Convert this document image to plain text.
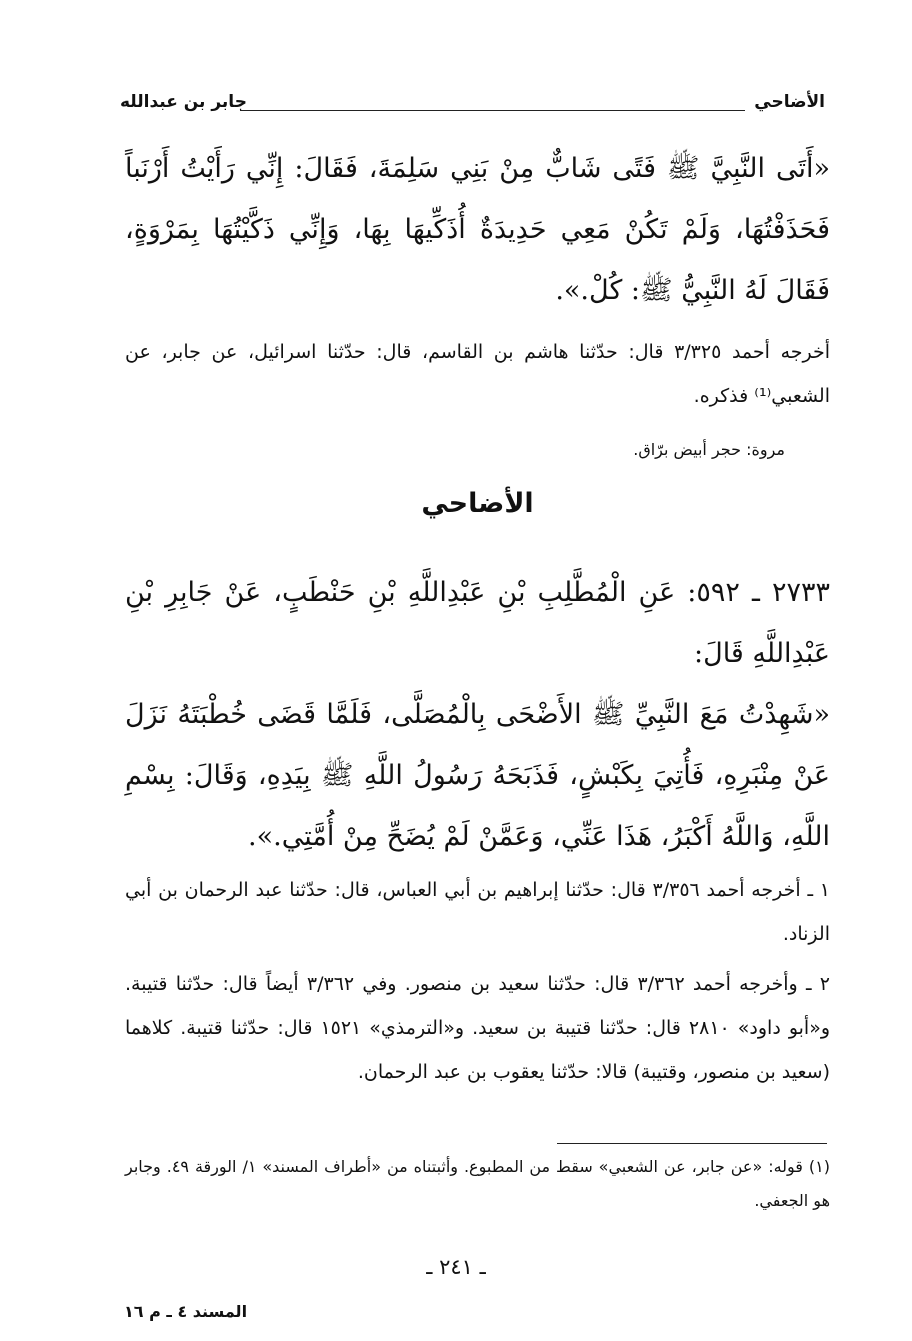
الأضاحي
جابر بن عبدالله
«أَتَى النَّبِيَّ ﷺ فَتًى شَابٌّ مِنْ بَنِي سَلِمَةَ، فَقَالَ: إِنِّي رَأَيْتُ أَرْنَباً فَحَذَفْتُهَا، وَلَمْ تَكُنْ مَعِي حَدِيدَةٌ أُذَكِّيهَا بِهَا، وَإِنِّي ذَكَّيْتُهَا بِمَرْوَةٍ، فَقَالَ لَهُ النَّبِيُّ ﷺ: كُلْ.».
أخرجه أحمد ٣/٣٢٥ قال: حدّثنا هاشم بن القاسم، قال: حدّثنا اسرائيل، عن جابر، عن الشعبي⁽¹⁾ فذكره.
مروة: حجر أبيض برّاق.
الأضاحي
٢٧٣٣ ـ ٥٩٢: عَنِ الْمُطَّلِبِ بْنِ عَبْدِاللَّهِ بْنِ حَنْطَبٍ، عَنْ جَابِرِ بْنِ عَبْدِاللَّهِ قَالَ:
«شَهِدْتُ مَعَ النَّبِيِّ ﷺ الأَضْحَى بِالْمُصَلَّى، فَلَمَّا قَضَى خُطْبَتَهُ نَزَلَ عَنْ مِنْبَرِهِ، فَأُتِيَ بِكَبْشٍ، فَذَبَحَهُ رَسُولُ اللَّهِ ﷺ بِيَدِهِ، وَقَالَ: بِسْمِ اللَّهِ، وَاللَّهُ أَكْبَرُ، هَذَا عَنِّي، وَعَمَّنْ لَمْ يُضَحِّ مِنْ أُمَّتِي.».
١ ـ أخرجه أحمد ٣/٣٥٦ قال: حدّثنا إبراهيم بن أبي العباس، قال: حدّثنا عبد الرحمان بن أبي الزناد.
٢ ـ وأخرجه أحمد ٣/٣٦٢ قال: حدّثنا سعيد بن منصور. وفي ٣/٣٦٢ أيضاً قال: حدّثنا قتيبة. و«أبو داود» ٢٨١٠ قال: حدّثنا قتيبة بن سعيد. و«الترمذي» ١٥٢١ قال: حدّثنا قتيبة. كلاهما (سعيد بن منصور، وقتيبة) قالا: حدّثنا يعقوب بن عبد الرحمان.
(١) قوله: «عن جابر، عن الشعبي» سقط من المطبوع. وأثبتناه من «أطراف المسند» ١/ الورقة ٤٩. وجابر هو الجعفي.
ـ ٢٤١ ـ
المسند ٤ ـ م ١٦
